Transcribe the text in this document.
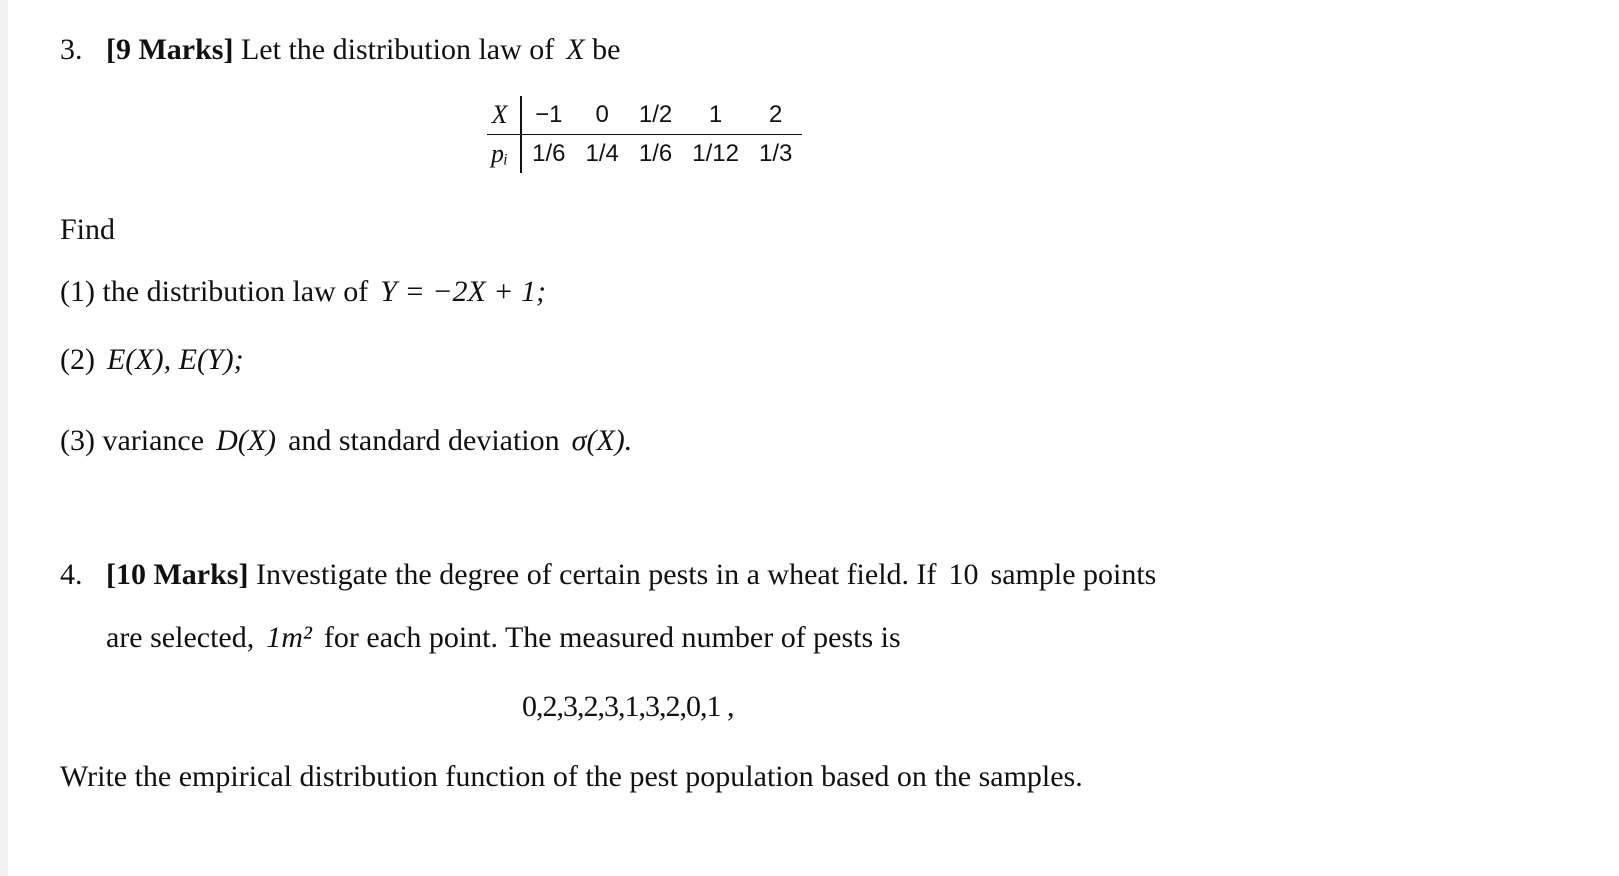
3. [9 Marks] Let the distribution law of X be
X	−1	0	1/2	1	2
pᵢ	1/6	1/4	1/6	1/12	1/3
Find
(1) the distribution law of Y = −2X + 1;
(2) E(X), E(Y);
(3) variance D(X) and standard deviation σ(X).
4. [10 Marks] Investigate the degree of certain pests in a wheat field. If 10 sample points
are selected, 1m² for each point. The measured number of pests is
0,2,3,2,3,1,3,2,0,1 ,
Write the empirical distribution function of the pest population based on the samples.
